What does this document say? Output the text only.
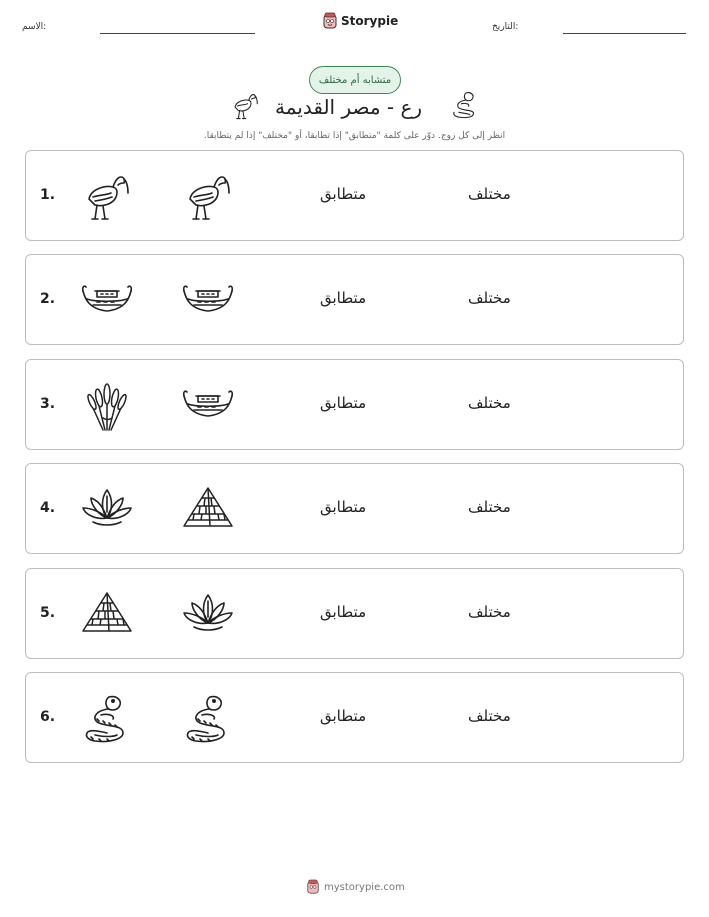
الاسم:	Storypie	التاريخ:
متشابه أم مختلف
رع - مصر القديمة
انظر إلى كل زوج. دوّر على كلمة "متطابق" إذا تطابقا، أو "مختلف" إذا لم يتطابقا.
1.	متطابق	مختلف
2.	متطابق	مختلف
3.	متطابق	مختلف
4.	متطابق	مختلف
5.	متطابق	مختلف
6.	متطابق	مختلف
mystorypie.com
